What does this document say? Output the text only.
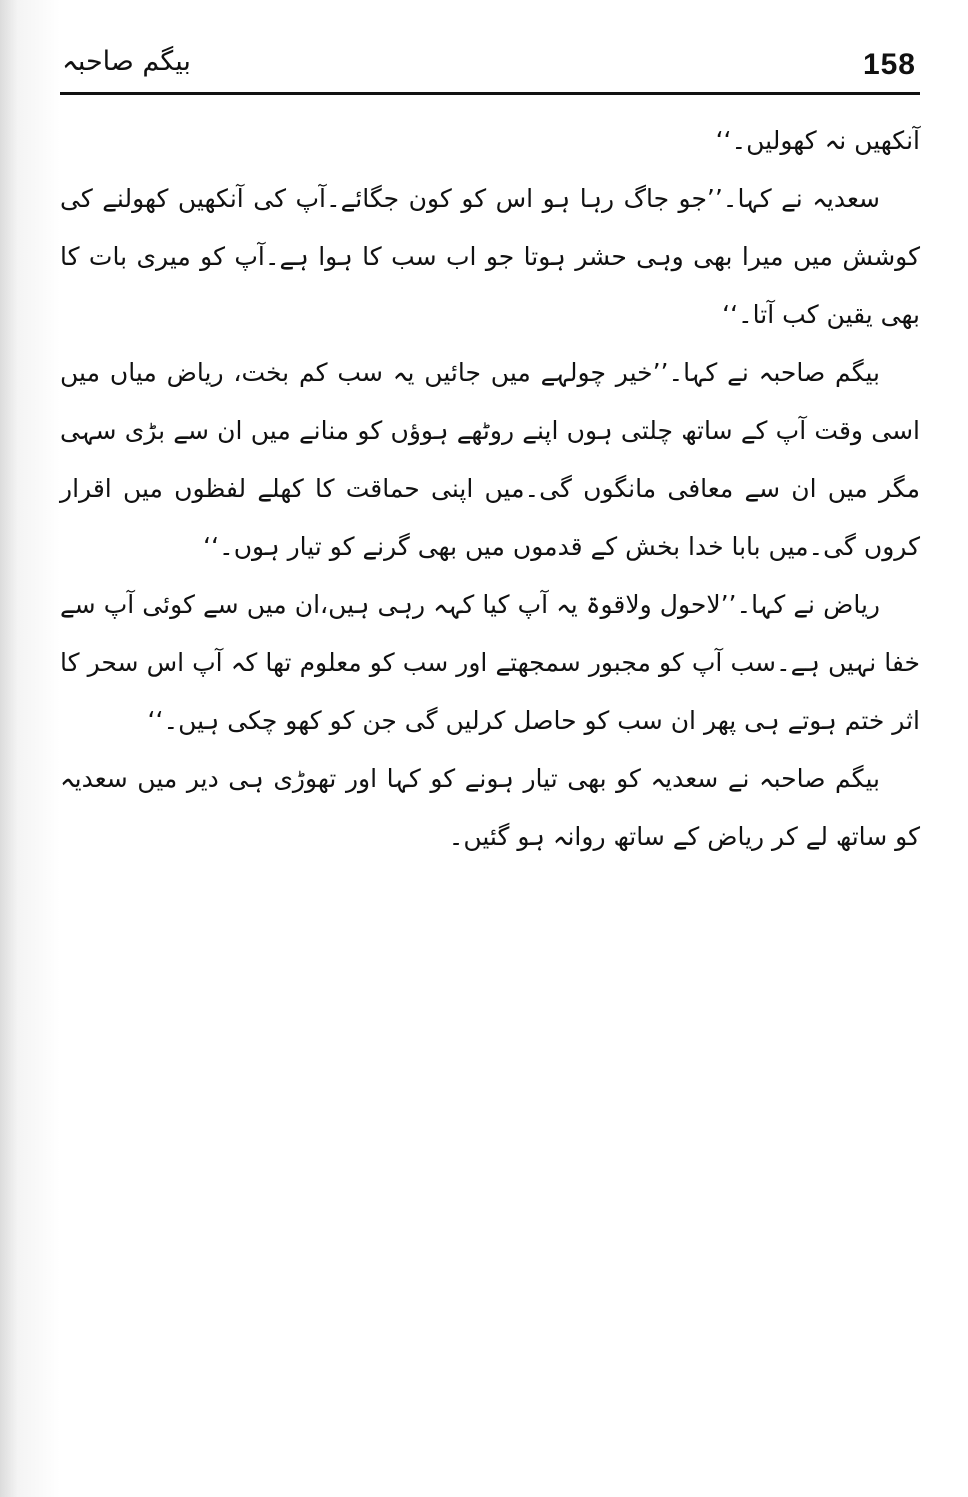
158
بیگم صاحبہ

آنکھیں نہ کھولیں۔‘‘

سعدیہ نے کہا۔’’جو جاگ رہا ہو اس کو کون جگائے۔آپ کی آنکھیں کھولنے کی کوشش میں میرا بھی وہی حشر ہوتا جو اب سب کا ہوا ہے۔آپ کو میری بات کا بھی یقین کب آتا۔‘‘

بیگم صاحبہ نے کہا۔’’خیر چولہے میں جائیں یہ سب کم بخت، ریاض میاں میں اسی وقت آپ کے ساتھ چلتی ہوں اپنے روٹھے ہوؤں کو منانے میں ان سے بڑی سہی مگر میں ان سے معافی مانگوں گی۔میں اپنی حماقت کا کھلے لفظوں میں اقرار کروں گی۔میں بابا خدا بخش کے قدموں میں بھی گرنے کو تیار ہوں۔‘‘

ریاض نے کہا۔’’لاحول ولاقوۃ یہ آپ کیا کہہ رہی ہیں،ان میں سے کوئی آپ سے خفا نہیں ہے۔سب آپ کو مجبور سمجھتے اور سب کو معلوم تھا کہ آپ اس سحر کا اثر ختم ہوتے ہی پھر ان سب کو حاصل کرلیں گی جن کو کھو چکی ہیں۔‘‘

بیگم صاحبہ نے سعدیہ کو بھی تیار ہونے کو کہا اور تھوڑی ہی دیر میں سعدیہ کو ساتھ لے کر ریاض کے ساتھ روانہ ہو گئیں۔
